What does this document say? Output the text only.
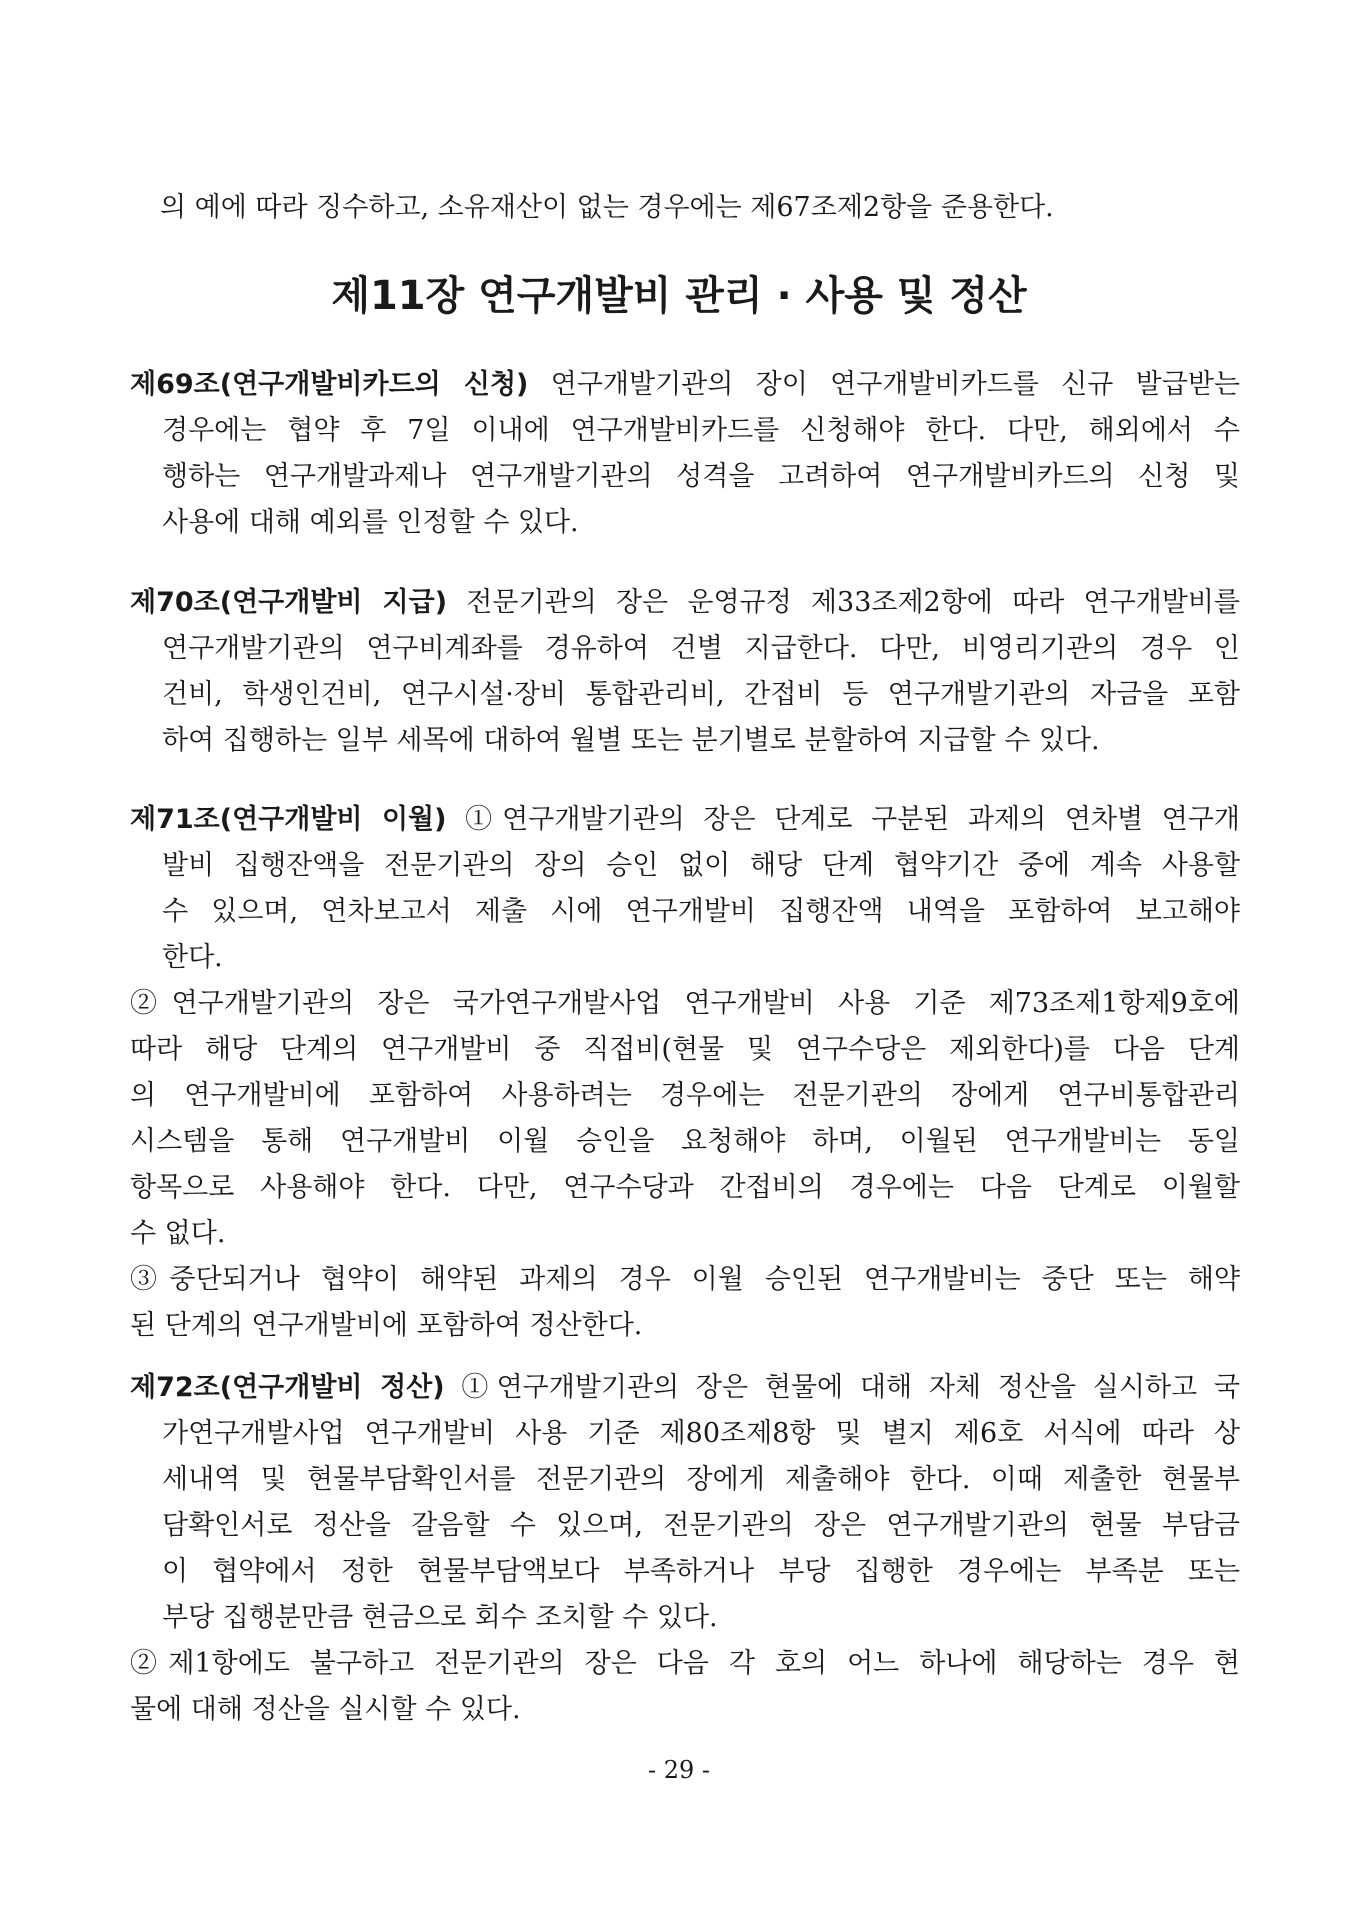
의 예에 따라 징수하고, 소유재산이 없는 경우에는 제67조제2항을 준용한다.
제11장 연구개발비 관리 · 사용 및 정산
제69조(연구개발비카드의 신청) 연구개발기관의 장이 연구개발비카드를 신규 발급받는
경우에는 협약 후 7일 이내에 연구개발비카드를 신청해야 한다. 다만, 해외에서 수
행하는 연구개발과제나 연구개발기관의 성격을 고려하여 연구개발비카드의 신청 및
사용에 대해 예외를 인정할 수 있다.
제70조(연구개발비 지급) 전문기관의 장은 운영규정 제33조제2항에 따라 연구개발비를
연구개발기관의 연구비계좌를 경유하여 건별 지급한다. 다만, 비영리기관의 경우 인
건비, 학생인건비, 연구시설·장비 통합관리비, 간접비 등 연구개발기관의 자금을 포함
하여 집행하는 일부 세목에 대하여 월별 또는 분기별로 분할하여 지급할 수 있다.
제71조(연구개발비 이월) ①연구개발기관의 장은 단계로 구분된 과제의 연차별 연구개
발비 집행잔액을 전문기관의 장의 승인 없이 해당 단계 협약기간 중에 계속 사용할
수 있으며, 연차보고서 제출 시에 연구개발비 집행잔액 내역을 포함하여 보고해야
한다.
②연구개발기관의 장은 국가연구개발사업 연구개발비 사용 기준 제73조제1항제9호에
따라 해당 단계의 연구개발비 중 직접비(현물 및 연구수당은 제외한다)를 다음 단계
의 연구개발비에 포함하여 사용하려는 경우에는 전문기관의 장에게 연구비통합관리
시스템을 통해 연구개발비 이월 승인을 요청해야 하며, 이월된 연구개발비는 동일
항목으로 사용해야 한다. 다만, 연구수당과 간접비의 경우에는 다음 단계로 이월할
수 없다.
③중단되거나 협약이 해약된 과제의 경우 이월 승인된 연구개발비는 중단 또는 해약
된 단계의 연구개발비에 포함하여 정산한다.
제72조(연구개발비 정산) ①연구개발기관의 장은 현물에 대해 자체 정산을 실시하고 국
가연구개발사업 연구개발비 사용 기준 제80조제8항 및 별지 제6호 서식에 따라 상
세내역 및 현물부담확인서를 전문기관의 장에게 제출해야 한다. 이때 제출한 현물부
담확인서로 정산을 갈음할 수 있으며, 전문기관의 장은 연구개발기관의 현물 부담금
이 협약에서 정한 현물부담액보다 부족하거나 부당 집행한 경우에는 부족분 또는
부당 집행분만큼 현금으로 회수 조치할 수 있다.
②제1항에도 불구하고 전문기관의 장은 다음 각 호의 어느 하나에 해당하는 경우 현
물에 대해 정산을 실시할 수 있다.
- 29 -
